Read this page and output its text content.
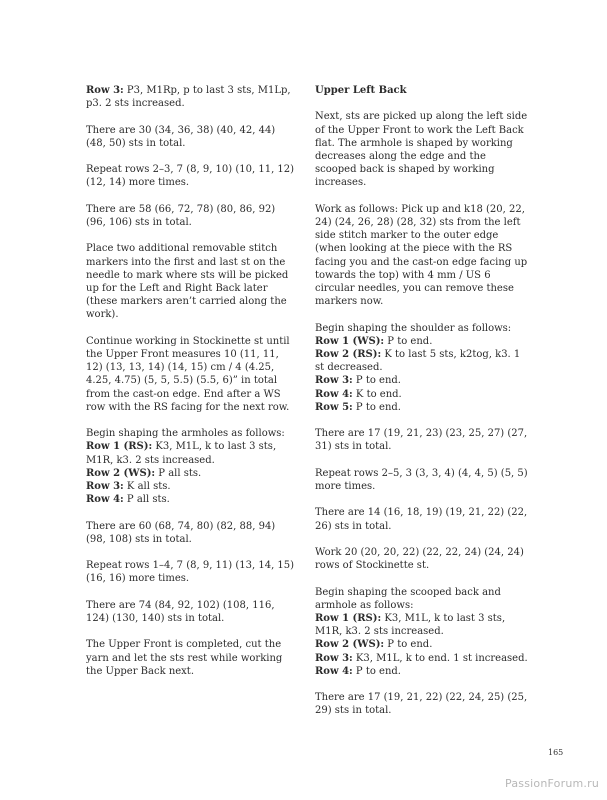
Row 3: P3, M1Rp, p to last 3 sts, M1Lp, p3. 2 sts increased.

There are 30 (34, 36, 38) (40, 42, 44) (48, 50) sts in total.

Repeat rows 2–3, 7 (8, 9, 10) (10, 11, 12) (12, 14) more times.

There are 58 (66, 72, 78) (80, 86, 92) (96, 106) sts in total.

Place two additional removable stitch markers into the first and last st on the needle to mark where sts will be picked up for the Left and Right Back later (these markers aren’t carried along the work).

Continue working in Stockinette st until the Upper Front measures 10 (11, 11, 12) (13, 13, 14) (14, 15) cm / 4 (4.25, 4.25, 4.75) (5, 5, 5.5) (5.5, 6)” in total from the cast-on edge. End after a WS row with the RS facing for the next row.

Begin shaping the armholes as follows:
Row 1 (RS): K3, M1L, k to last 3 sts, M1R, k3. 2 sts increased.
Row 2 (WS): P all sts.
Row 3: K all sts.
Row 4: P all sts.

There are 60 (68, 74, 80) (82, 88, 94) (98, 108) sts in total.

Repeat rows 1–4, 7 (8, 9, 11) (13, 14, 15) (16, 16) more times.

There are 74 (84, 92, 102) (108, 116, 124) (130, 140) sts in total.

The Upper Front is completed, cut the yarn and let the sts rest while working the Upper Back next.

Upper Left Back

Next, sts are picked up along the left side of the Upper Front to work the Left Back flat. The armhole is shaped by working decreases along the edge and the scooped back is shaped by working increases.

Work as follows: Pick up and k18 (20, 22, 24) (24, 26, 28) (28, 32) sts from the left side stitch marker to the outer edge (when looking at the piece with the RS facing you and the cast-on edge facing up towards the top) with 4 mm / US 6 circular needles, you can remove these markers now.

Begin shaping the shoulder as follows:
Row 1 (WS): P to end.
Row 2 (RS): K to last 5 sts, k2tog, k3. 1 st decreased.
Row 3: P to end.
Row 4: K to end.
Row 5: P to end.

There are 17 (19, 21, 23) (23, 25, 27) (27, 31) sts in total.

Repeat rows 2–5, 3 (3, 3, 4) (4, 4, 5) (5, 5) more times.

There are 14 (16, 18, 19) (19, 21, 22) (22, 26) sts in total.

Work 20 (20, 20, 22) (22, 22, 24) (24, 24) rows of Stockinette st.

Begin shaping the scooped back and armhole as follows:
Row 1 (RS): K3, M1L, k to last 3 sts, M1R, k3. 2 sts increased.
Row 2 (WS): P to end.
Row 3: K3, M1L, k to end. 1 st increased.
Row 4: P to end.

There are 17 (19, 21, 22) (22, 24, 25) (25, 29) sts in total.

165
PassionForum.ru
